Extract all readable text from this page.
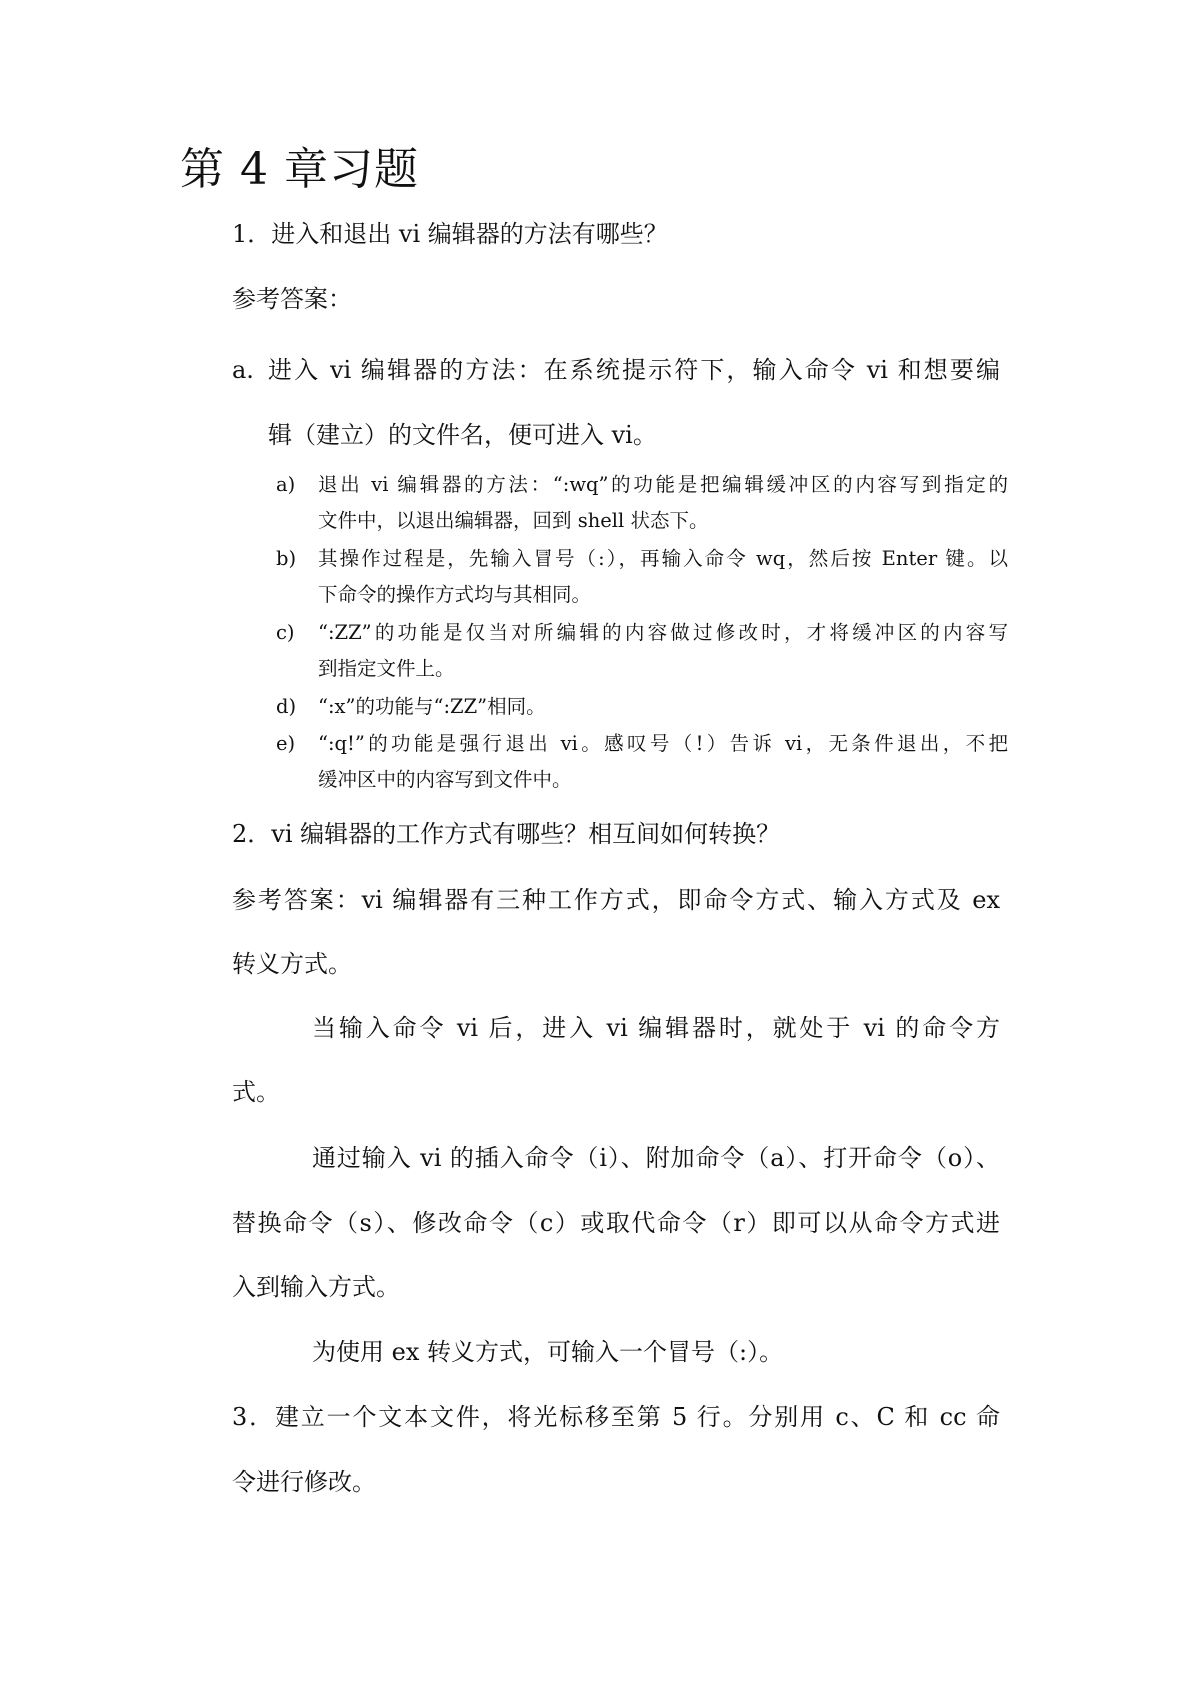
第 4 章习题

1．进入和退出 vi 编辑器的方法有哪些？

参考答案：

a. 进入 vi 编辑器的方法：在系统提示符下，输入命令 vi 和想要编

辑（建立）的文件名，便可进入 vi。

a) 退出 vi 编辑器的方法：“:wq”的功能是把编辑缓冲区的内容写到指定的
文件中，以退出编辑器，回到 shell 状态下。
b) 其操作过程是，先输入冒号（:），再输入命令 wq，然后按 Enter 键。以
下命令的操作方式均与其相同。
c) “:ZZ”的功能是仅当对所编辑的内容做过修改时，才将缓冲区的内容写
到指定文件上。
d) “:x”的功能与“:ZZ”相同。
e) “:q!”的功能是强行退出 vi。感叹号（!）告诉 vi，无条件退出，不把
缓冲区中的内容写到文件中。

2．vi 编辑器的工作方式有哪些？相互间如何转换？

参考答案：vi 编辑器有三种工作方式，即命令方式、输入方式及 ex

转义方式。

当输入命令 vi 后，进入 vi 编辑器时，就处于 vi 的命令方

式。

通过输入 vi 的插入命令（i）、附加命令（a）、打开命令（o）、

替换命令（s）、修改命令（c）或取代命令（r）即可以从命令方式进

入到输入方式。

为使用 ex 转义方式，可输入一个冒号（:）。

3．建立一个文本文件，将光标移至第 5 行。分别用 c、C 和 cc 命

令进行修改。
